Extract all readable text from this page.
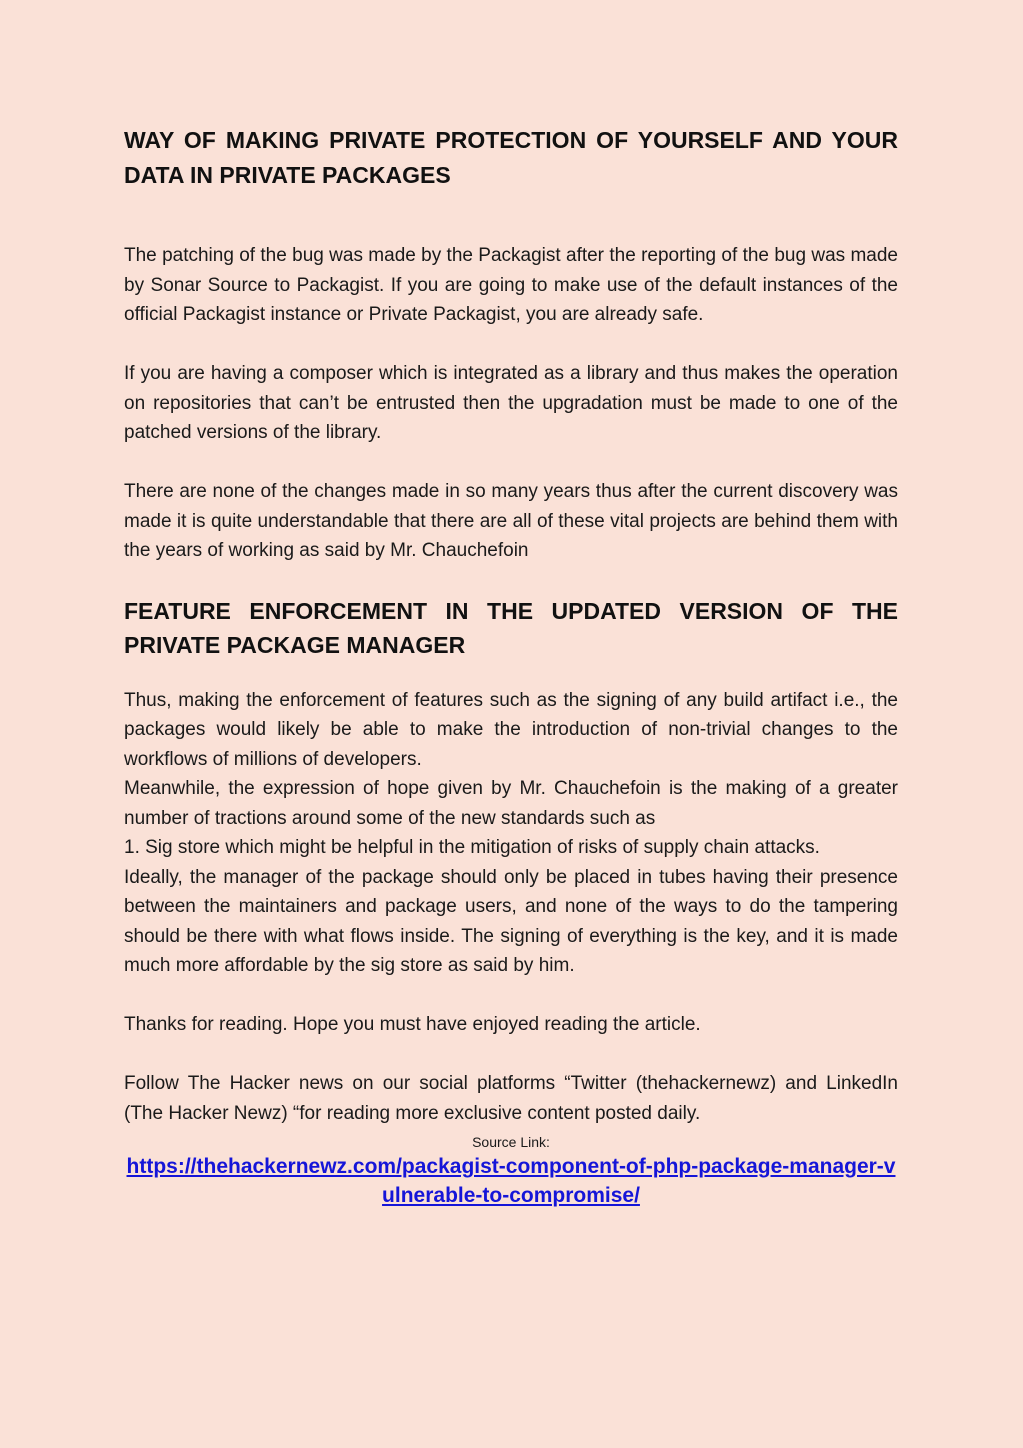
WAY OF MAKING PRIVATE PROTECTION OF YOURSELF AND YOUR DATA IN PRIVATE PACKAGES

The patching of the bug was made by the Packagist after the reporting of the bug was made by Sonar Source to Packagist. If you are going to make use of the default instances of the official Packagist instance or Private Packagist, you are already safe.

If you are having a composer which is integrated as a library and thus makes the operation on repositories that can’t be entrusted then the upgradation must be made to one of the patched versions of the library.

There are none of the changes made in so many years thus after the current discovery was made it is quite understandable that there are all of these vital projects are behind them with the years of working as said by Mr. Chauchefoin

FEATURE ENFORCEMENT IN THE UPDATED VERSION OF THE PRIVATE PACKAGE MANAGER

Thus, making the enforcement of features such as the signing of any build artifact i.e., the packages would likely be able to make the introduction of non-trivial changes to the workflows of millions of developers.

Meanwhile, the expression of hope given by Mr. Chauchefoin is the making of a greater number of tractions around some of the new standards such as

1. Sig store which might be helpful in the mitigation of risks of supply chain attacks.

Ideally, the manager of the package should only be placed in tubes having their presence between the maintainers and package users, and none of the ways to do the tampering should be there with what flows inside. The signing of everything is the key, and it is made much more affordable by the sig store as said by him.

Thanks for reading. Hope you must have enjoyed reading the article.

Follow The Hacker news on our social platforms “Twitter (thehackernewz) and LinkedIn (The Hacker Newz) “for reading more exclusive content posted daily.

Source Link:
https://thehackernewz.com/packagist-component-of-php-package-manager-vulnerable-to-compromise/
